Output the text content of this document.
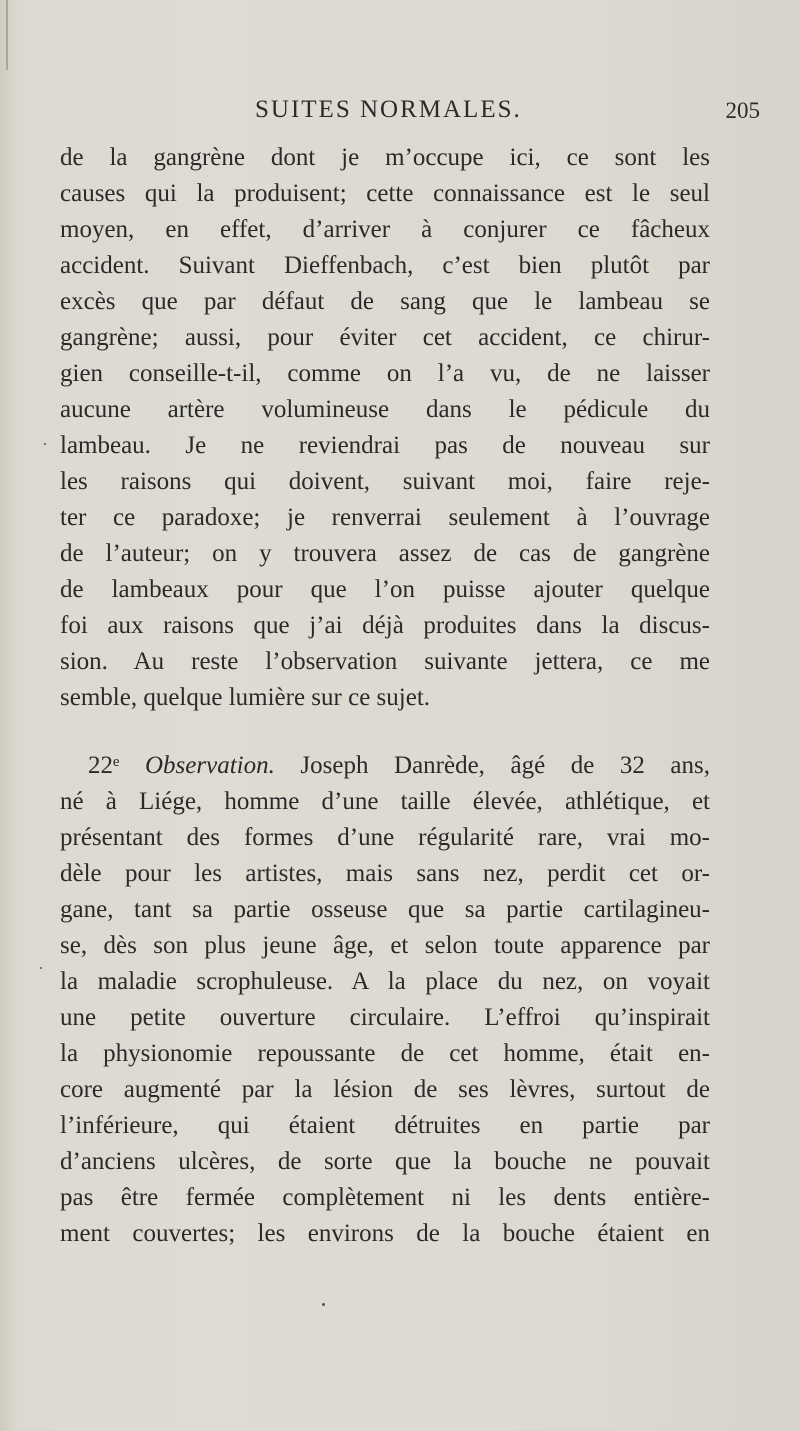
SUITES NORMALES.	205
de la gangrène dont je m’occupe ici, ce sont les
causes qui la produisent; cette connaissance est le seul
moyen, en effet, d’arriver à conjurer ce fâcheux
accident. Suivant Dieffenbach, c’est bien plutôt par
excès que par défaut de sang que le lambeau se
gangrène; aussi, pour éviter cet accident, ce chirur-
gien conseille-t-il, comme on l’a vu, de ne laisser
aucune artère volumineuse dans le pédicule du
lambeau. Je ne reviendrai pas de nouveau sur
les raisons qui doivent, suivant moi, faire reje-
ter ce paradoxe; je renverrai seulement à l’ouvrage
de l’auteur; on y trouvera assez de cas de gangrène
de lambeaux pour que l’on puisse ajouter quelque
foi aux raisons que j’ai déjà produites dans la discus-
sion. Au reste l’observation suivante jettera, ce me
semble, quelque lumière sur ce sujet.
22ᵉ Observation. Joseph Danrède, âgé de 32 ans,
né à Liége, homme d’une taille élevée, athlétique, et
présentant des formes d’une régularité rare, vrai mo-
dèle pour les artistes, mais sans nez, perdit cet or-
gane, tant sa partie osseuse que sa partie cartilagineu-
se, dès son plus jeune âge, et selon toute apparence par
la maladie scrophuleuse. A la place du nez, on voyait
une petite ouverture circulaire. L’effroi qu’inspirait
la physionomie repoussante de cet homme, était en-
core augmenté par la lésion de ses lèvres, surtout de
l’inférieure, qui étaient détruites en partie par
d’anciens ulcères, de sorte que la bouche ne pouvait
pas être fermée complètement ni les dents entière-
ment couvertes; les environs de la bouche étaient en
